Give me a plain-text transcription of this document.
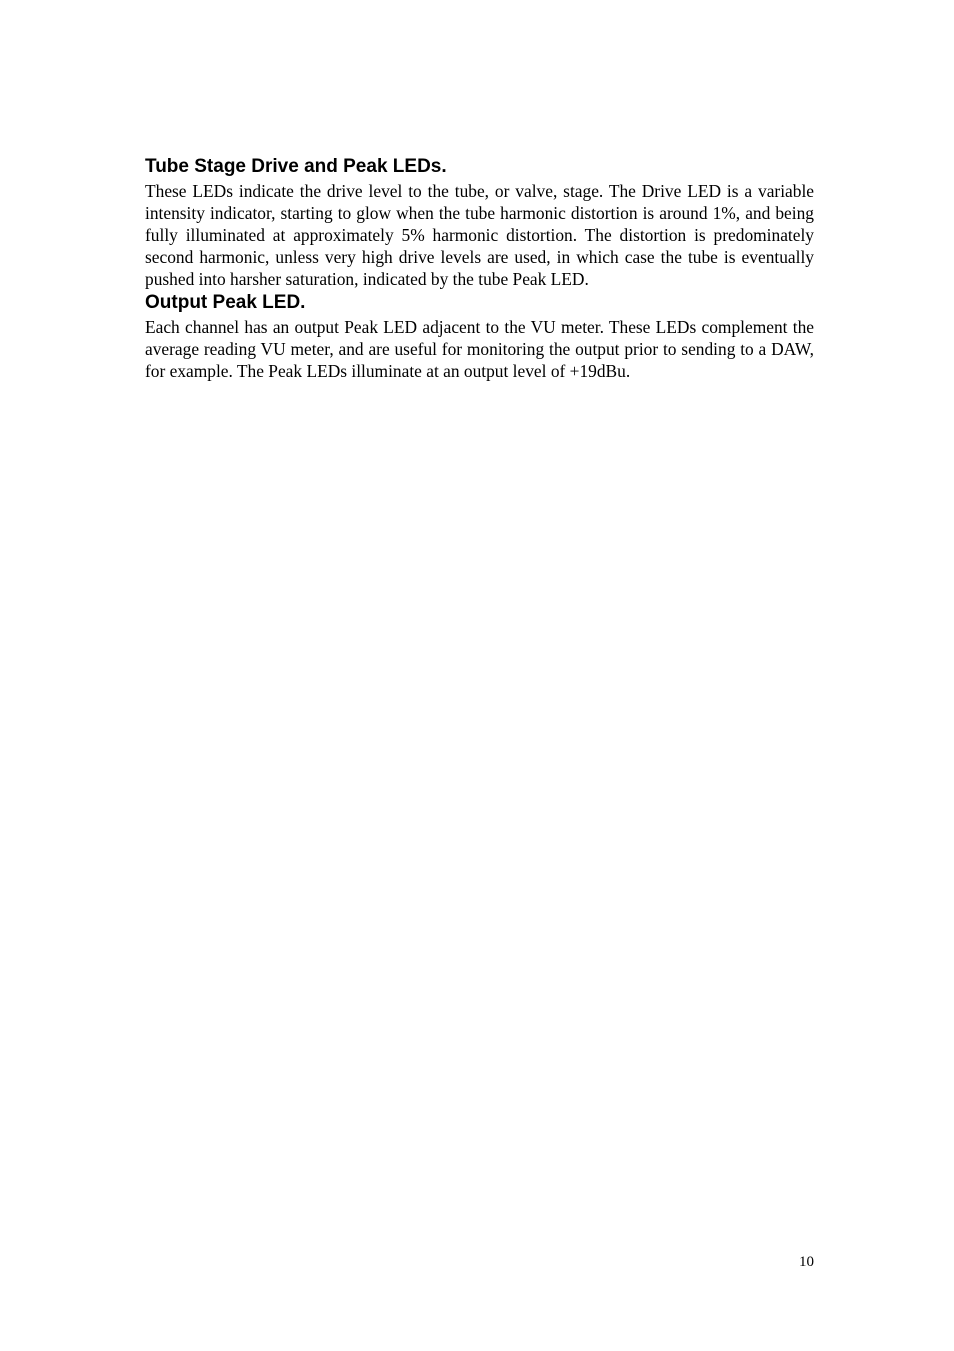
Tube Stage Drive and Peak LEDs.

These LEDs indicate the drive level to the tube, or valve, stage. The Drive LED is a variable intensity indicator, starting to glow when the tube harmonic distortion is around 1%, and being fully illuminated at approximately 5% harmonic distortion. The distortion is predominately second harmonic, unless very high drive levels are used, in which case the tube is eventually pushed into harsher saturation, indicated by the tube Peak LED.

Output Peak LED.

Each channel has an output Peak LED adjacent to the VU meter. These LEDs complement the average reading VU meter, and are useful for monitoring the output prior to sending to a DAW, for example. The Peak LEDs illuminate at an output level of +19dBu.

10
